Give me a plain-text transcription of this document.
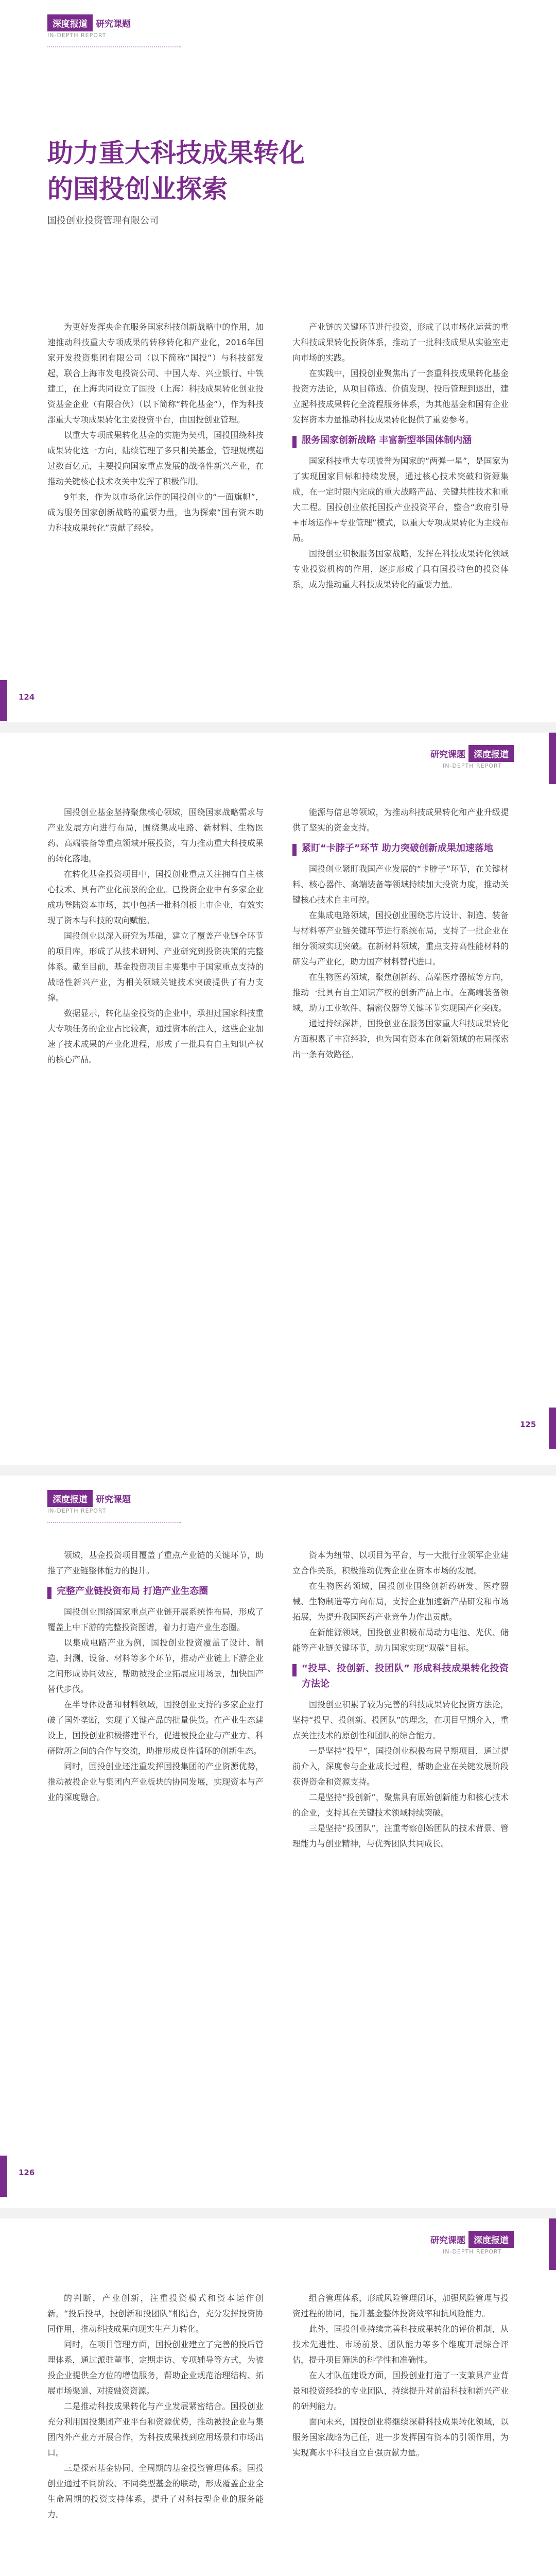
深度报道 研究课题
IN-DEPTH REPORT
助力重大科技成果转化
的国投创业探索
国投创业投资管理有限公司

为更好发挥央企在服务国家科技创新战略中的作用，加速推动科技重大专项成果的转移转化和产业化，2016年国家开发投资集团有限公司（以下简称“国投”）与科技部发起，联合上海市发电投资公司、中国人寿、兴业银行、中铁建工，在上海共同设立了国投（上海）科技成果转化创业投资基金企业（有限合伙）（以下简称“转化基金”），作为科技部重大专项成果转化主要投资平台，由国投创业管理。

以重大专项成果转化基金的实施为契机，国投围绕科技成果转化这一方向，陆续管理了多只相关基金，管理规模超过数百亿元，主要投向国家重点发展的战略性新兴产业，在推动关键核心技术攻关中发挥了积极作用。

9年来，作为以市场化运作的国投创业的“一面旗帜”，成为服务国家创新战略的重要力量，也为探索“国有资本助力科技成果转化”贡献了经验。

产业链的关键环节进行投资，形成了以市场化运营的重大科技成果转化投资体系，推动了一批科技成果从实验室走向市场的实践。

在实践中，国投创业聚焦出了一套重科技成果转化基金投资方法论，从项目筛选、价值发现、投后管理到退出，建立起科技成果转化全流程服务体系，为其他基金和国有企业发挥资本力量推动科技成果转化提供了重要参考。

服务国家创新战略 丰富新型举国体制内涵

国家科技重大专项被誉为国家的“两弹一星”，是国家为了实现国家目标和持续发展，通过核心技术突破和资源集成，在一定时限内完成的重大战略产品、关键共性技术和重大工程。国投创业依托国投产业投资平台，整合“政府引导+市场运作+专业管理”模式，以重大专项成果转化为主线布局。

国投创业积极服务国家战略，发挥在科技成果转化领域专业投资机构的作用，逐步形成了具有国投特色的投资体系，成为推动重大科技成果转化的重要力量。

124
研究课题 深度报道
IN-DEPTH REPORT

国投创业基金坚持聚焦核心领域，围绕国家战略需求与产业发展方向进行布局，围绕集成电路、新材料、生物医药、高端装备等重点领域开展投资，有力推动重大科技成果的转化落地。

在转化基金投资项目中，国投创业重点关注拥有自主核心技术、具有产业化前景的企业。已投资企业中有多家企业成功登陆资本市场，其中包括一批科创板上市企业，有效实现了资本与科技的双向赋能。

国投创业以深入研究为基础，建立了覆盖产业链全环节的项目库，形成了从技术研判、产业研究到投资决策的完整体系。截至目前，基金投资项目主要集中于国家重点支持的战略性新兴产业，为相关领域关键技术突破提供了有力支撑。

数据显示，转化基金投资的企业中，承担过国家科技重大专项任务的企业占比较高，通过资本的注入，这些企业加速了技术成果的产业化进程，形成了一批具有自主知识产权的核心产品。

能源与信息等领域，为推动科技成果转化和产业升级提供了坚实的资金支持。

紧盯“卡脖子”环节 助力突破创新成果加速落地

国投创业紧盯我国产业发展的“卡脖子”环节，在关键材料、核心器件、高端装备等领域持续加大投资力度，推动关键核心技术自主可控。

在集成电路领域，国投创业围绕芯片设计、制造、装备与材料等产业链关键环节进行系统布局，支持了一批企业在细分领域实现突破。在新材料领域，重点支持高性能材料的研发与产业化，助力国产材料替代进口。

在生物医药领域，聚焦创新药、高端医疗器械等方向，推动一批具有自主知识产权的创新产品上市。在高端装备领域，助力工业软件、精密仪器等关键环节实现国产化突破。

通过持续深耕，国投创业在服务国家重大科技成果转化方面积累了丰富经验，也为国有资本在创新领域的布局探索出一条有效路径。

125
深度报道 研究课题
IN-DEPTH REPORT

领域，基金投资项目覆盖了重点产业链的关键环节，助推了产业链整体能力的提升。

完整产业链投资布局 打造产业生态圈

国投创业围绕国家重点产业链开展系统性布局，形成了覆盖上中下游的完整投资图谱，着力打造产业生态圈。

以集成电路产业为例，国投创业投资覆盖了设计、制造、封测、设备、材料等多个环节，推动产业链上下游企业之间形成协同效应，帮助被投企业拓展应用场景，加快国产替代步伐。

在半导体设备和材料领域，国投创业支持的多家企业打破了国外垄断，实现了关键产品的批量供货。在产业生态建设上，国投创业积极搭建平台，促进被投企业与产业方、科研院所之间的合作与交流，助推形成良性循环的创新生态。

同时，国投创业还注重发挥国投集团的产业资源优势，推动被投企业与集团内产业板块的协同发展，实现资本与产业的深度融合。

资本为纽带、以项目为平台，与一大批行业领军企业建立合作关系，积极推动优秀企业在资本市场的发展。

在生物医药领域，国投创业围绕创新药研发、医疗器械、生物制造等方向布局，支持企业加速新产品研发和市场拓展，为提升我国医药产业竞争力作出贡献。

在新能源领域，国投创业积极布局动力电池、光伏、储能等产业链关键环节，助力国家实现“双碳”目标。

“投早、投创新、投团队” 形成科技成果转化投资方法论

国投创业积累了较为完善的科技成果转化投资方法论，坚持“投早、投创新、投团队”的理念，在项目早期介入，重点关注技术的原创性和团队的综合能力。

一是坚持“投早”，国投创业积极布局早期项目，通过提前介入，深度参与企业成长过程，帮助企业在关键发展阶段获得资金和资源支持。

二是坚持“投创新”，聚焦具有原始创新能力和核心技术的企业，支持其在关键技术领域持续突破。

三是坚持“投团队”，注重考察创始团队的技术背景、管理能力与创业精神，与优秀团队共同成长。

126
研究课题 深度报道
IN-DEPTH REPORT

的判断，产业创新，注重投资模式和资本运作创新，“投后投早，投创新和投团队”相结合，充分发挥投资协同作用，推动科技成果向现实生产力转化。

同时，在项目管理方面，国投创业建立了完善的投后管理体系，通过派驻董事、定期走访、专项辅导等方式，为被投企业提供全方位的增值服务，帮助企业规范治理结构、拓展市场渠道、对接融资资源。

二是推动科技成果转化与产业发展紧密结合。国投创业充分利用国投集团产业平台和资源优势，推动被投企业与集团内外产业方开展合作，为科技成果找到应用场景和市场出口。

三是探索基金协同、全周期的基金投资管理体系。国投创业通过不同阶段、不同类型基金的联动，形成覆盖企业全生命周期的投资支持体系，提升了对科技型企业的服务能力。

组合管理体系，形成风险管理闭环，加强风险管理与投资过程的协同，提升基金整体投资效率和抗风险能力。

此外，国投创业持续完善科技成果转化的评价机制，从技术先进性、市场前景、团队能力等多个维度开展综合评估，提升项目筛选的科学性和准确性。

在人才队伍建设方面，国投创业打造了一支兼具产业背景和投资经验的专业团队，持续提升对前沿科技和新兴产业的研判能力。

面向未来，国投创业将继续深耕科技成果转化领域，以服务国家战略为己任，进一步发挥国有资本的引领作用，为实现高水平科技自立自强贡献力量。
